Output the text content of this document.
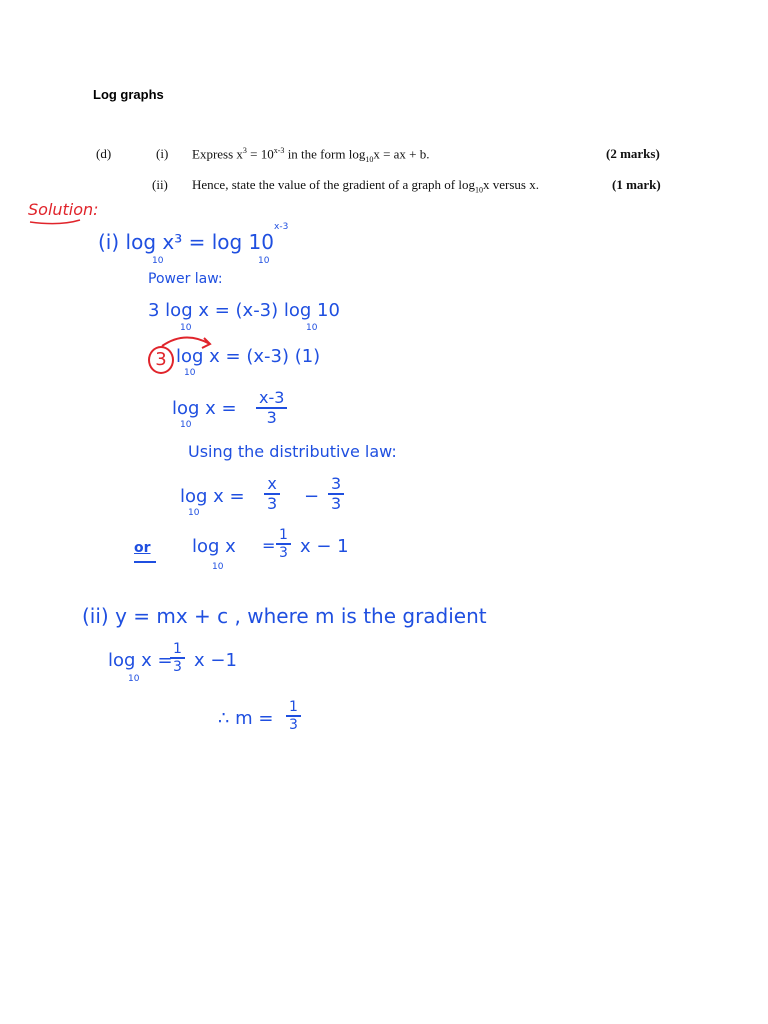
Log graphs
(d)	(i) Express $x^3 = 10^{x-3}$ in the form $\log_{10}x$ = ax + b.	(2 marks)
(ii) Hence, state the value of the gradient of a graph of $\log_{10}x$ versus x.	(1 mark)
Solution:
(i) log x³ = log 10
x-3
10	10
Power law:
3 log x = (x-3) log 10
10	10
3 log x = (x-3) (1)
10
log x =
10	$\frac{x-3}{3}$
Using the distributive law:
log x =
10
$\frac{x}{3} - \frac{3}{3}$
or log x
10
= $\frac{1}{3}$ x − 1
(ii) y = mx + c , where m is the gradient
log x =
10
$\frac{1}{3}$ x −1
∴ $m = \frac{1}{3}$
